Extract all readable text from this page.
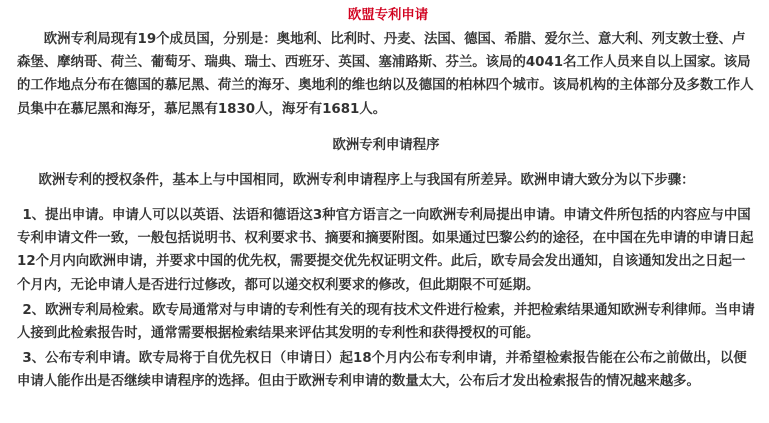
欧盟专利申请

欧洲专利局现有19个成员国，分别是：奥地利、比利时、丹麦、法国、德国、希腊、爱尔兰、意大利、列支敦士登、卢森堡、摩纳哥、荷兰、葡萄牙、瑞典、瑞士、西班牙、英国、塞浦路斯、芬兰。该局的4041名工作人员来自以上国家。该局的工作地点分布在德国的慕尼黑、荷兰的海牙、奥地利的维也纳以及德国的柏林四个城市。该局机构的主体部分及多数工作人员集中在慕尼黑和海牙，慕尼黑有1830人，海牙有1681人。

欧洲专利申请程序

欧洲专利的授权条件，基本上与中国相同，欧洲专利申请程序上与我国有所差异。欧洲申请大致分为以下步骤：

1、提出申请。申请人可以以英语、法语和德语这3种官方语言之一向欧洲专利局提出申请。申请文件所包括的内容应与中国专利申请文件一致，一般包括说明书、权利要求书、摘要和摘要附图。如果通过巴黎公约的途径，在中国在先申请的申请日起12个月内向欧洲申请，并要求中国的优先权，需要提交优先权证明文件。此后，欧专局会发出通知，自该通知发出之日起一个月内，无论申请人是否进行过修改，都可以递交权利要求的修改，但此期限不可延期。

2、欧洲专利局检索。欧专局通常对与申请的专利性有关的现有技术文件进行检索，并把检索结果通知欧洲专利律师。当申请人接到此检索报告时，通常需要根据检索结果来评估其发明的专利性和获得授权的可能。

3、公布专利申请。欧专局将于自优先权日（申请日）起18个月内公布专利申请，并希望检索报告能在公布之前做出，以便申请人能作出是否继续申请程序的选择。但由于欧洲专利申请的数量太大，公布后才发出检索报告的情况越来越多。
